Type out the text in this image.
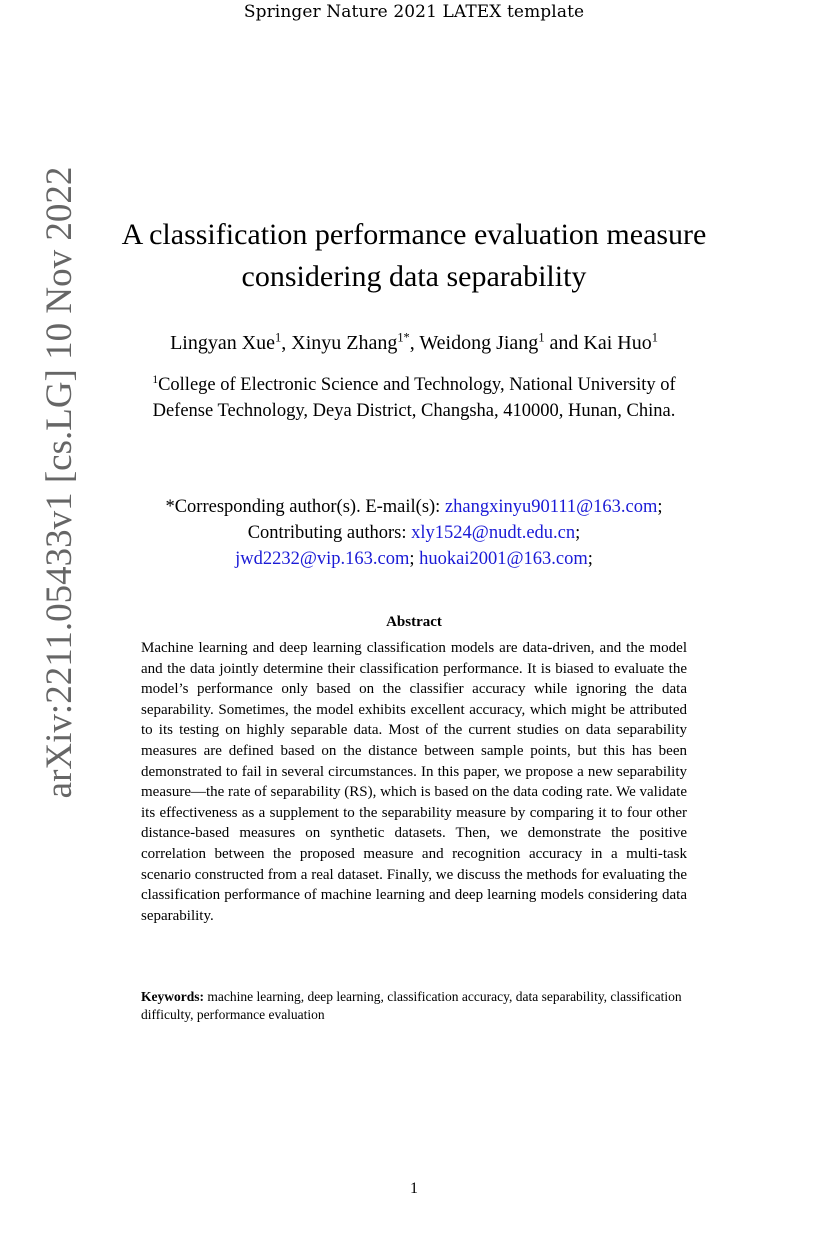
Springer Nature 2021 LATEX template
arXiv:2211.05433v1 [cs.LG] 10 Nov 2022 A classification performance evaluation measure considering data separability
Lingyan Xue$^1$, Xinyu Zhang$^{1*}$, Weidong Jiang$^1$ and Kai Huo$^1$
$^1$College of Electronic Science and Technology, National University of Defense Technology, Deya District, Changsha, 410000, Hunan, China.
*Corresponding author(s). E-mail(s): zhangxinyu90111@163.com;
Contributing authors: xly1524@nudt.edu.cn;
jwd2232@vip.163.com; huokai2001@163.com;
Abstract
Machine learning and deep learning classification models are data-driven, and the model and the data jointly determine their classification performance. It is biased to evaluate the model’s performance only based on the classifier accuracy while ignoring the data separability. Sometimes, the model exhibits excellent accuracy, which might be attributed to its testing on highly separable data. Most of the current studies on data separability measures are defined based on the distance between sample points, but this has been demonstrated to fail in several circumstances. In this paper, we propose a new separability measure—the rate of separability (RS), which is based on the data coding rate. We validate its effectiveness as a supplement to the separability measure by comparing it to four other distance-based measures on synthetic datasets. Then, we demonstrate the positive correlation between the proposed measure and recognition accuracy in a multi-task scenario constructed from a real dataset. Finally, we discuss the methods for evaluating the classification performance of machine learning and deep learning models considering data separability.
Keywords: machine learning, deep learning, classification accuracy, data separability, classification difficulty, performance evaluation
1
